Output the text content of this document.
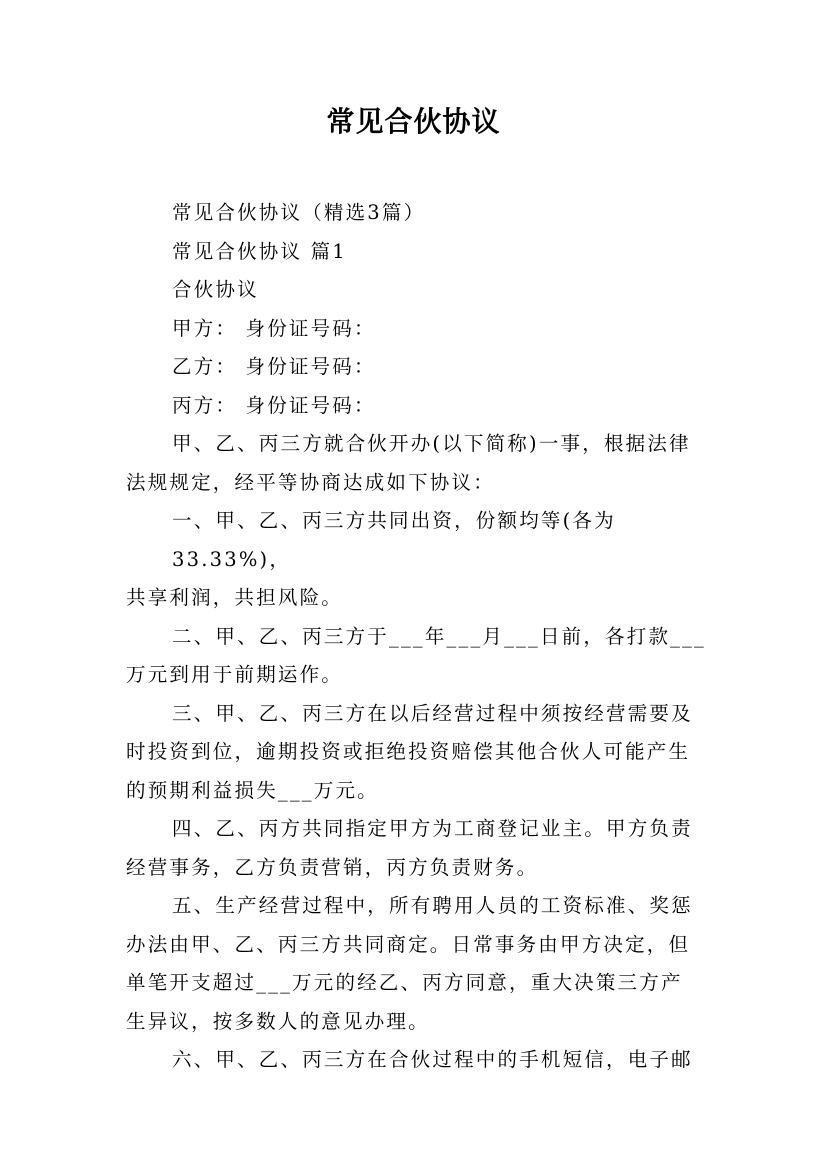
常见合伙协议
常见合伙协议（精选3篇）
常见合伙协议 篇1
合伙协议
甲方： 身份证号码：
乙方： 身份证号码：
丙方： 身份证号码：
甲、乙、丙三方就合伙开办(以下简称)一事，根据法律
法规规定，经平等协商达成如下协议：
一、甲、乙、丙三方共同出资，份额均等(各为33.33%)，
共享利润，共担风险。
二、甲、乙、丙三方于___年___月___日前，各打款___
万元到用于前期运作。
三、甲、乙、丙三方在以后经营过程中须按经营需要及
时投资到位，逾期投资或拒绝投资赔偿其他合伙人可能产生
的预期利益损失___万元。
四、乙、丙方共同指定甲方为工商登记业主。甲方负责
经营事务，乙方负责营销，丙方负责财务。
五、生产经营过程中，所有聘用人员的工资标准、奖惩
办法由甲、乙、丙三方共同商定。日常事务由甲方决定，但
单笔开支超过___万元的经乙、丙方同意，重大决策三方产
生异议，按多数人的意见办理。
六、甲、乙、丙三方在合伙过程中的手机短信，电子邮
